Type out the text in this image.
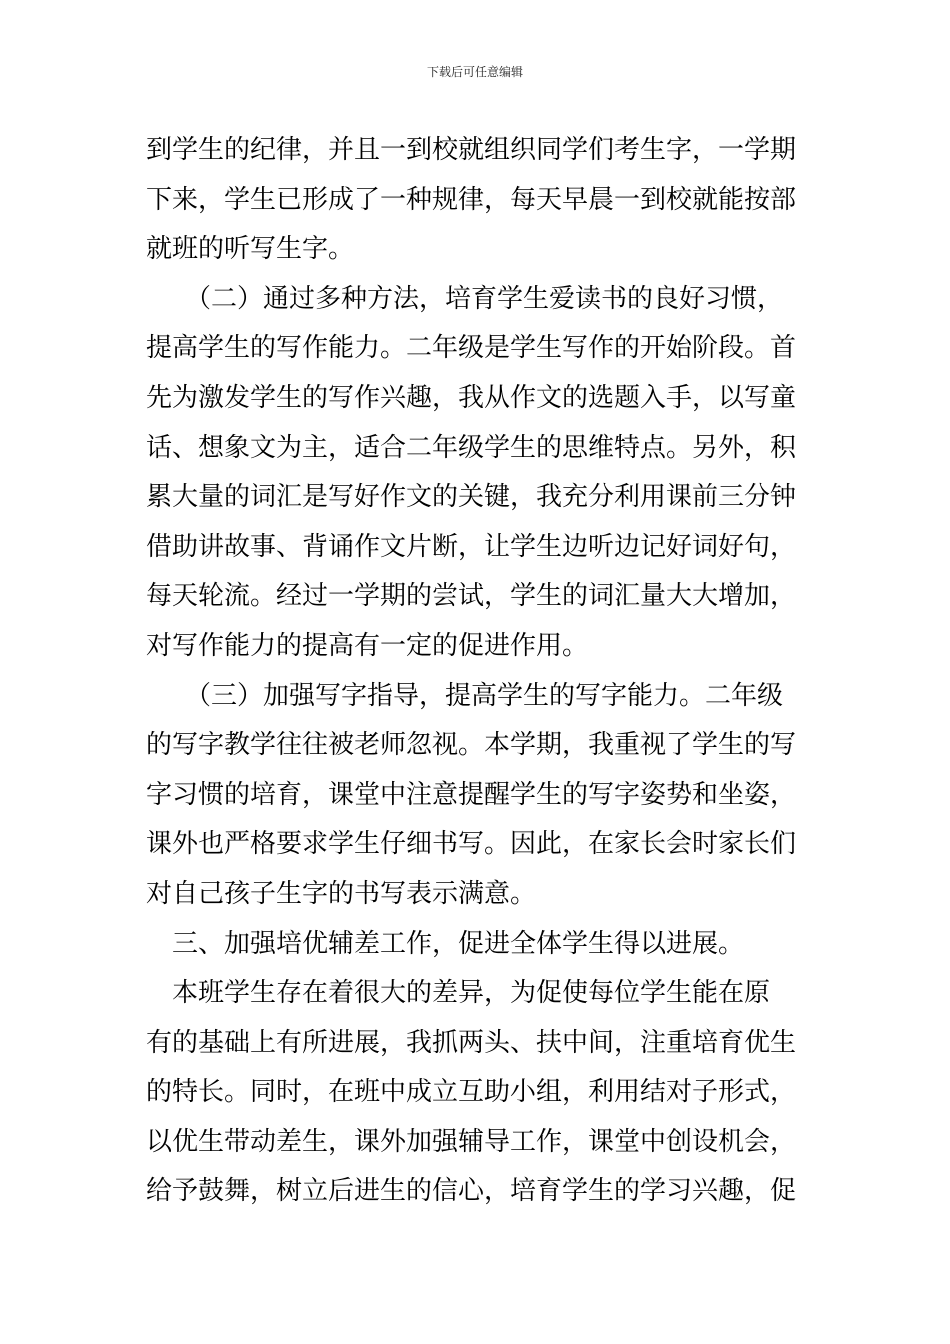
下载后可任意编辑
到学生的纪律，并且一到校就组织同学们考生字，一学期
下来，学生已形成了一种规律，每天早晨一到校就能按部
就班的听写生字。
　　（二）通过多种方法，培育学生爱读书的良好习惯，
提高学生的写作能力。二年级是学生写作的开始阶段。首
先为激发学生的写作兴趣，我从作文的选题入手，以写童
话、想象文为主，适合二年级学生的思维特点。另外，积
累大量的词汇是写好作文的关键，我充分利用课前三分钟
借助讲故事、背诵作文片断，让学生边听边记好词好句，
每天轮流。经过一学期的尝试，学生的词汇量大大增加，
对写作能力的提高有一定的促进作用。
　　（三）加强写字指导，提高学生的写字能力。二年级
的写字教学往往被老师忽视。本学期，我重视了学生的写
字习惯的培育，课堂中注意提醒学生的写字姿势和坐姿，
课外也严格要求学生仔细书写。因此，在家长会时家长们
对自己孩子生字的书写表示满意。
　三、加强培优辅差工作，促进全体学生得以进展。
　本班学生存在着很大的差异，为促使每位学生能在原
有的基础上有所进展，我抓两头、扶中间，注重培育优生
的特长。同时，在班中成立互助小组，利用结对子形式，
以优生带动差生，课外加强辅导工作，课堂中创设机会，
给予鼓舞，树立后进生的信心，培育学生的学习兴趣，促
